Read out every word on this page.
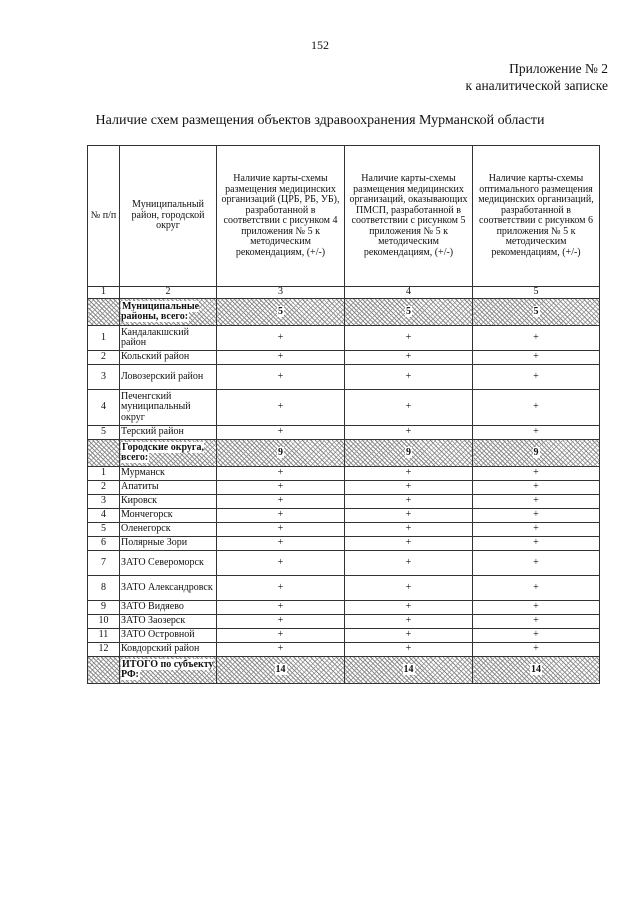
152
Приложение № 2
к аналитической записке
Наличие схем размещения объектов здравоохранения Мурманской области
№ п/п	Муниципальный район, городской округ	Наличие карты-схемы размещения медицинских организаций (ЦРБ, РБ, УБ), разработанной в соответствии с рисунком 4 приложения № 5 к методическим рекомендациям, (+/-)	Наличие карты-схемы размещения медицинских организаций, оказывающих ПМСП, разработанной в соответствии с рисунком 5 приложения № 5 к методическим рекомендациям, (+/-)	Наличие карты-схемы оптимального размещения медицинских организаций, разработанной в соответствии с рисунком 6 приложения № 5 к методическим рекомендациям, (+/-)
1	2	3	4	5
	Муниципальные районы, всего:	5	5	5
1	Кандалакшский район	+	+	+
2	Кольский район	+	+	+
3	Ловозерский район	+	+	+
4	Печенгский муниципальный округ	+	+	+
5	Терский район	+	+	+
	Городские округа, всего:	9	9	9
1	Мурманск	+	+	+
2	Апатиты	+	+	+
3	Кировск	+	+	+
4	Мончегорск	+	+	+
5	Оленегорск	+	+	+
6	Полярные Зори	+	+	+
7	ЗАТО Североморск	+	+	+
8	ЗАТО Александровск	+	+	+
9	ЗАТО Видяево	+	+	+
10	ЗАТО Заозерск	+	+	+
11	ЗАТО Островной	+	+	+
12	Ковдорский район	+	+	+
	ИТОГО по субъекту РФ:	14	14	14
